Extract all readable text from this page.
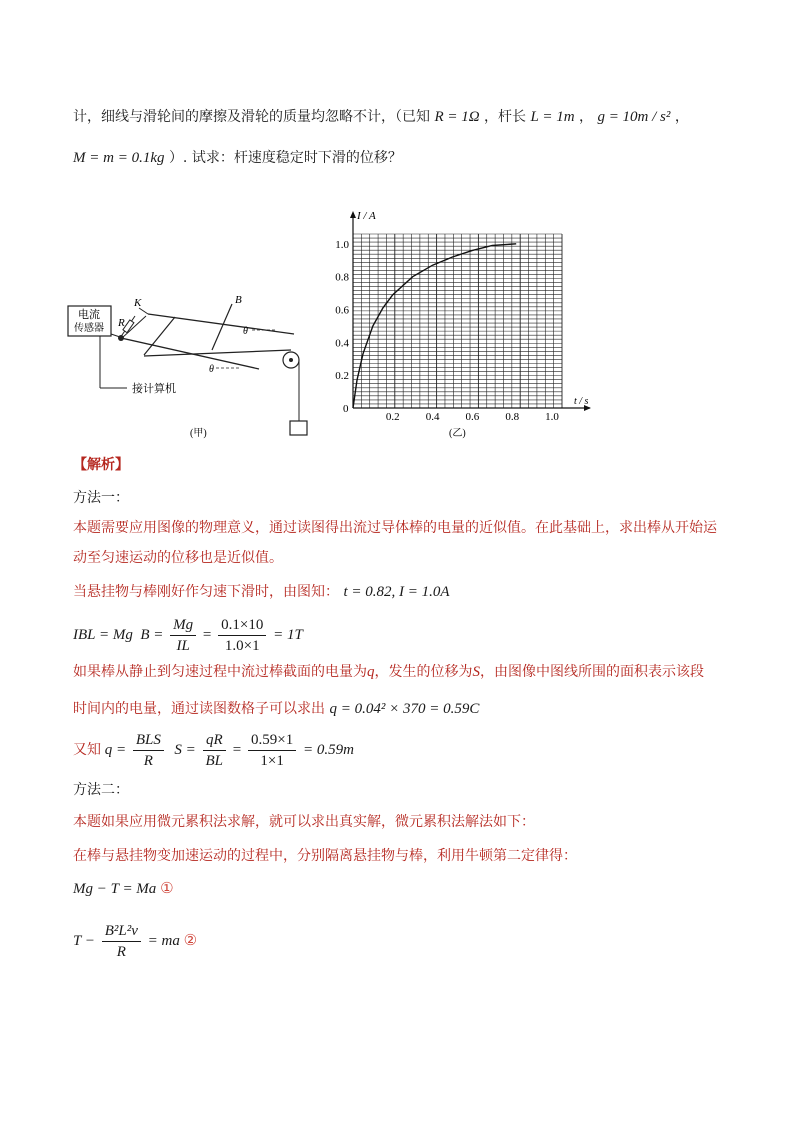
计，细线与滑轮间的摩擦及滑轮的质量均忽略不计，（已知 R = 1Ω ，杆长 L = 1m ， g = 10m / s² ，
M = m = 0.1kg ）. 试求：杆速度稳定时下滑的位移？
电流
传感器 R
K	B
θ
θ
接计算机
(甲)
0.2 0.4 0.6 0.8 1.0
0.2
0.4
0.6
0.8
1.0
I / A
t / s
0
(乙)
【解析】
方法一：
本题需要应用图像的物理意义，通过读图得出流过导体棒的电量的近似值。在此基础上，求出棒从开始运
动至匀速运动的位移也是近似值。
当悬挂物与棒刚好作匀速下滑时，由图知： t = 0.82, I = 1.0A
IBL = Mg $B = \frac{Mg}{IL} = \frac{0.1\times 10}{1.0\times 1} = 1T$
如果棒从静止到匀速过程中流过棒截面的电量为q，发生的位移为S，由图像中图线所围的面积表示该段
时间内的电量，通过读图数格子可以求出 q = 0.04² × 370 = 0.59C
又知 $q = \frac{\text{BLS}}{R}$ $S = \frac{qR}{BL} = \frac{0.59\times 1}{1\times 1} = 0.59m$
方法二：
本题如果应用微元累积法求解，就可以求出真实解，微元累积法解法如下：
在棒与悬挂物变加速运动的过程中，分别隔离悬挂物与棒，利用牛顿第二定律得：
Mg − T = Ma ①
$T - \frac{\text{B²L²v}}{R}$ = ma ②
